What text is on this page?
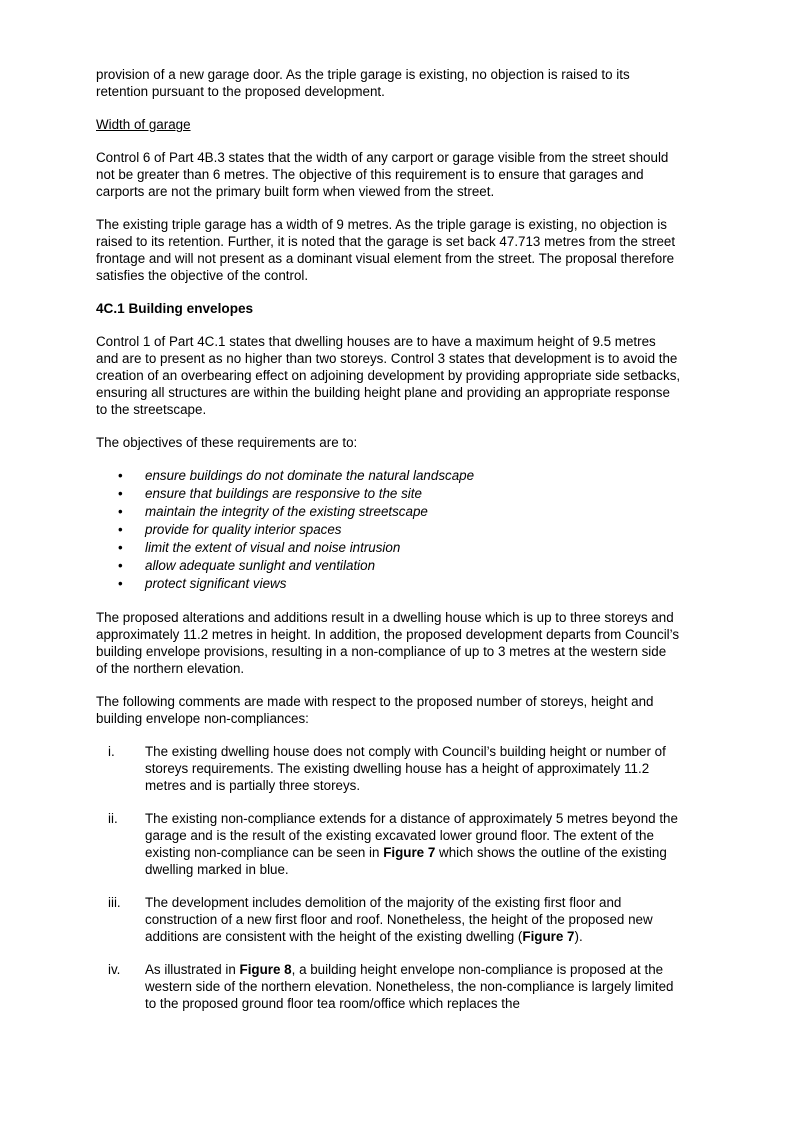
provision of a new garage door. As the triple garage is existing, no objection is raised to its retention pursuant to the proposed development.

Width of garage

Control 6 of Part 4B.3 states that the width of any carport or garage visible from the street should not be greater than 6 metres. The objective of this requirement is to ensure that garages and carports are not the primary built form when viewed from the street.

The existing triple garage has a width of 9 metres. As the triple garage is existing, no objection is raised to its retention. Further, it is noted that the garage is set back 47.713 metres from the street frontage and will not present as a dominant visual element from the street. The proposal therefore satisfies the objective of the control.

4C.1 Building envelopes

Control 1 of Part 4C.1 states that dwelling houses are to have a maximum height of 9.5 metres and are to present as no higher than two storeys. Control 3 states that development is to avoid the creation of an overbearing effect on adjoining development by providing appropriate side setbacks, ensuring all structures are within the building height plane and providing an appropriate response to the streetscape.

The objectives of these requirements are to:

• ensure buildings do not dominate the natural landscape
• ensure that buildings are responsive to the site
• maintain the integrity of the existing streetscape
• provide for quality interior spaces
• limit the extent of visual and noise intrusion
• allow adequate sunlight and ventilation
• protect significant views

The proposed alterations and additions result in a dwelling house which is up to three storeys and approximately 11.2 metres in height. In addition, the proposed development departs from Council’s building envelope provisions, resulting in a non-compliance of up to 3 metres at the western side of the northern elevation.

The following comments are made with respect to the proposed number of storeys, height and building envelope non-compliances:

i. The existing dwelling house does not comply with Council’s building height or number of storeys requirements. The existing dwelling house has a height of approximately 11.2 metres and is partially three storeys.
ii. The existing non-compliance extends for a distance of approximately 5 metres beyond the garage and is the result of the existing excavated lower ground floor. The extent of the existing non-compliance can be seen in Figure 7 which shows the outline of the existing dwelling marked in blue.
iii. The development includes demolition of the majority of the existing first floor and construction of a new first floor and roof. Nonetheless, the height of the proposed new additions are consistent with the height of the existing dwelling (Figure 7).
iv. As illustrated in Figure 8, a building height envelope non-compliance is proposed at the western side of the northern elevation. Nonetheless, the non-compliance is largely limited to the proposed ground floor tea room/office which replaces the
